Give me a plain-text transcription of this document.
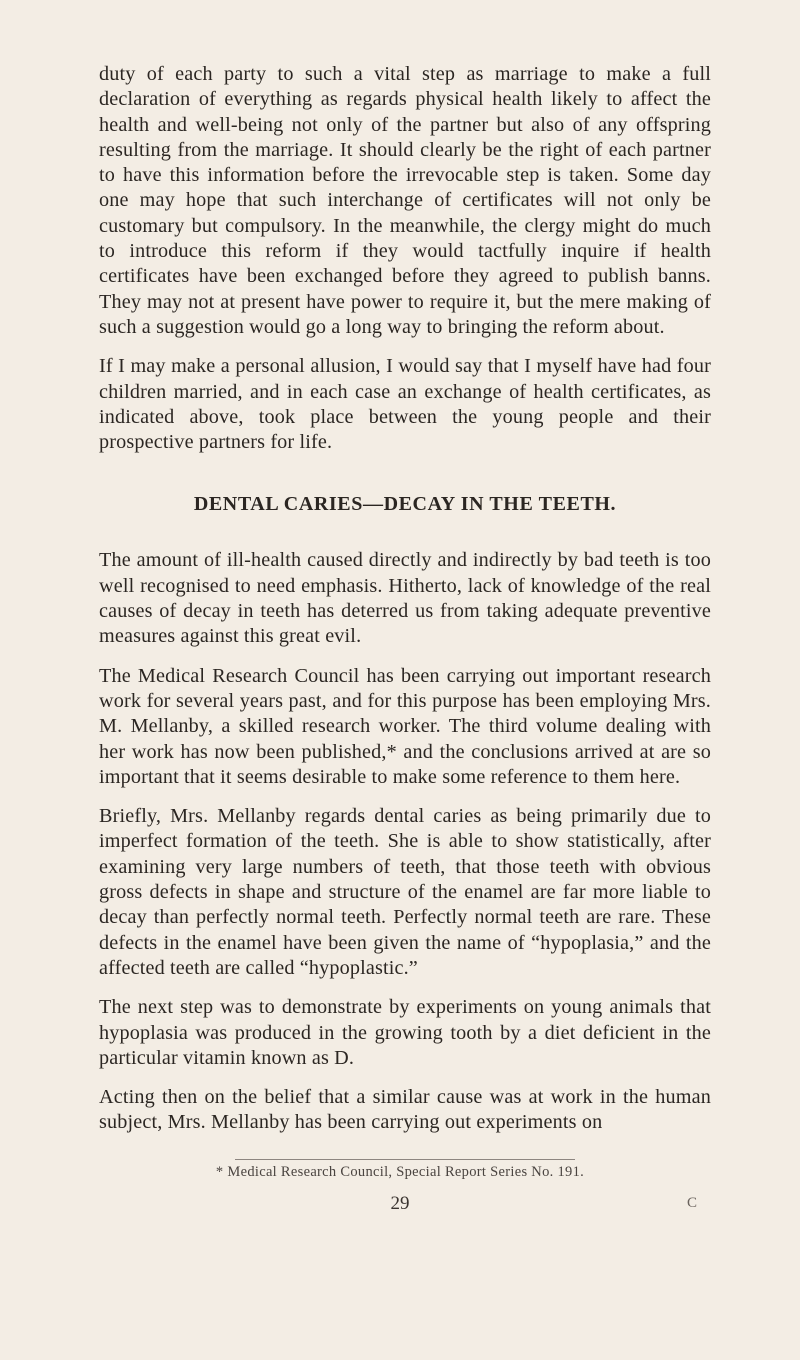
duty of each party to such a vital step as marriage to make a full declaration of everything as regards physical health likely to affect the health and well-being not only of the partner but also of any offspring resulting from the marriage. It should clearly be the right of each partner to have this information before the irrevocable step is taken. Some day one may hope that such interchange of certificates will not only be customary but compulsory. In the meanwhile, the clergy might do much to introduce this reform if they would tactfully inquire if health certificates have been exchanged before they agreed to publish banns. They may not at present have power to require it, but the mere making of such a suggestion would go a long way to bringing the reform about.

If I may make a personal allusion, I would say that I myself have had four children married, and in each case an exchange of health certificates, as indicated above, took place between the young people and their prospective partners for life.

DENTAL CARIES—DECAY IN THE TEETH.

The amount of ill-health caused directly and indirectly by bad teeth is too well recognised to need emphasis. Hitherto, lack of knowledge of the real causes of decay in teeth has deterred us from taking adequate preventive measures against this great evil.

The Medical Research Council has been carrying out important research work for several years past, and for this purpose has been employing Mrs. M. Mellanby, a skilled research worker. The third volume dealing with her work has now been published,* and the conclusions arrived at are so important that it seems desirable to make some reference to them here.

Briefly, Mrs. Mellanby regards dental caries as being primarily due to imperfect formation of the teeth. She is able to show statistically, after examining very large numbers of teeth, that those teeth with obvious gross defects in shape and structure of the enamel are far more liable to decay than perfectly normal teeth. Perfectly normal teeth are rare. These defects in the enamel have been given the name of “hypoplasia,” and the affected teeth are called “hypoplastic.”

The next step was to demonstrate by experiments on young animals that hypoplasia was produced in the growing tooth by a diet deficient in the particular vitamin known as D.

Acting then on the belief that a similar cause was at work in the human subject, Mrs. Mellanby has been carrying out experiments on

* Medical Research Council, Special Report Series No. 191.
29	C
